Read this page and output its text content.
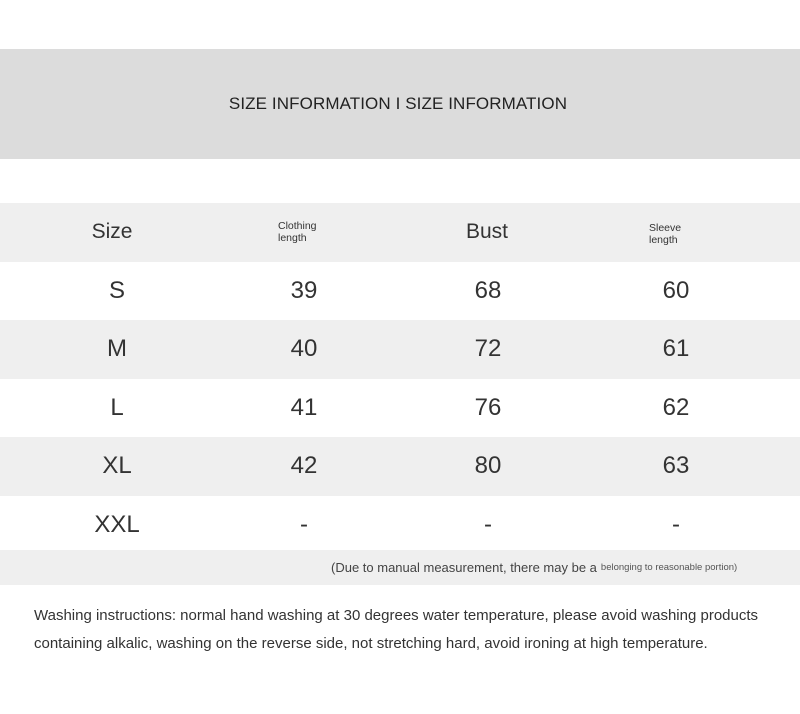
SIZE INFORMATION I SIZE INFORMATION
Size	Clothing length	Bust	Sleeve length
S	39	68	60
M	40	72	61
L	41	76	62
XL	42	80	63
XXL	-	-	-
(Due to manual measurement, there may be a belonging to reasonable portion)
Washing instructions: normal hand washing at 30 degrees water temperature, please avoid washing products containing alkalic, washing on the reverse side, not stretching hard, avoid ironing at high temperature.
